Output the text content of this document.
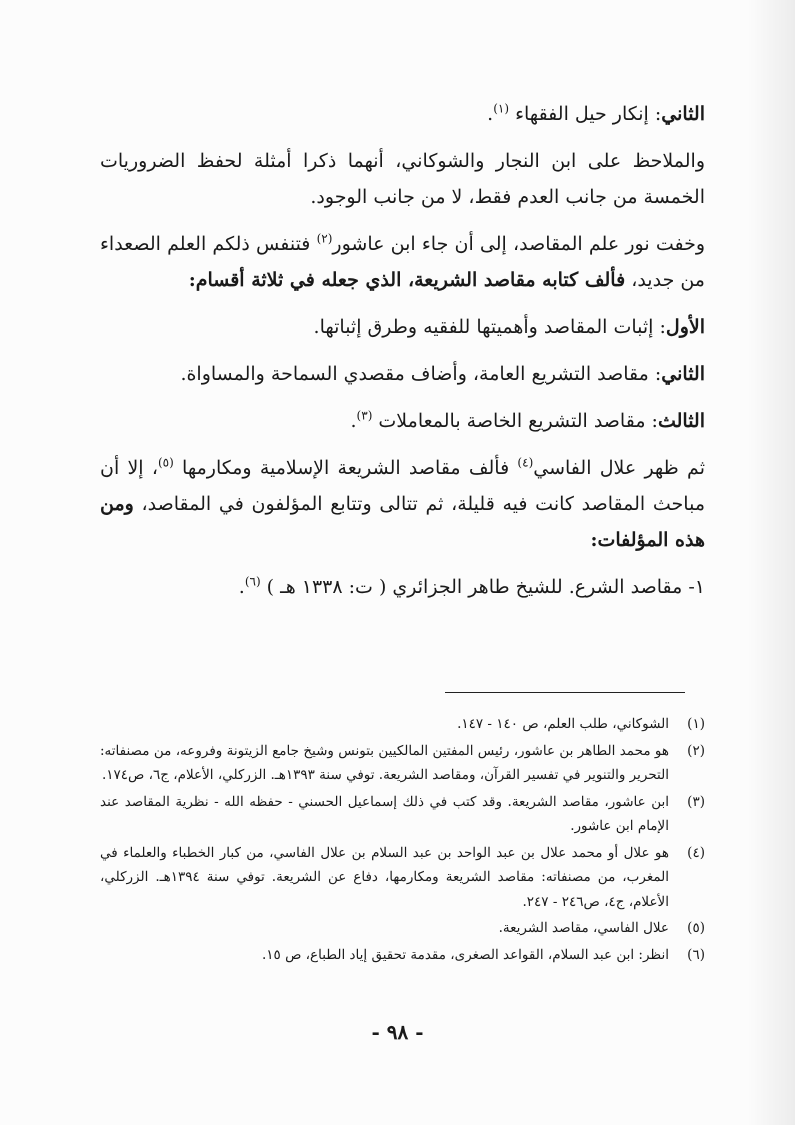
الثاني: إنكار حيل الفقهاء $^{(١)}$.

والملاحظ على ابن النجار والشوكاني، أنهما ذكرا أمثلة لحفظ الضروريات الخمسة من جانب العدم فقط، لا من جانب الوجود.

وخفت نور علم المقاصد، إلى أن جاء ابن عاشور$^{(٢)}$ فتنفس ذلكم العلم الصعداء من جديد، فألف كتابه مقاصد الشريعة، الذي جعله في ثلاثة أقسام:

الأول: إثبات المقاصد وأهميتها للفقيه وطرق إثباتها.

الثاني: مقاصد التشريع العامة، وأضاف مقصدي السماحة والمساواة.

الثالث: مقاصد التشريع الخاصة بالمعاملات $^{(٣)}$.

ثم ظهر علال الفاسي$^{(٤)}$ فألف مقاصد الشريعة الإسلامية ومكارمها $^{(٥)}$، إلا أن مباحث المقاصد كانت فيه قليلة، ثم تتالى وتتابع المؤلفون في المقاصد، ومن هذه المؤلفات:

١- مقاصد الشرع. للشيخ طاهر الجزائري ( ت: ١٣٣٨ هـ ) $^{(٦)}$.

(١)
الشوكاني، طلب العلم، ص ١٤٠ - ١٤٧.
(٢)
هو محمد الطاهر بن عاشور، رئيس المفتين المالكيين بتونس وشيخ جامع الزيتونة وفروعه، من مصنفاته: التحرير والتنوير في تفسير القرآن، ومقاصد الشريعة. توفي سنة ١٣٩٣هـ. الزركلي، الأعلام، ج٦، ص١٧٤.
(٣)
ابن عاشور، مقاصد الشريعة. وقد كتب في ذلك إسماعيل الحسني - حفظه الله - نظرية المقاصد عند الإمام ابن عاشور.
(٤)
هو علال أو محمد علال بن عبد الواحد بن عبد السلام بن علال الفاسي، من كبار الخطباء والعلماء في المغرب، من مصنفاته: مقاصد الشريعة ومكارمها، دفاع عن الشريعة. توفي سنة ١٣٩٤هـ. الزركلي، الأعلام، ج٤، ص٢٤٦ - ٢٤٧.
(٥)
علال الفاسي، مقاصد الشريعة.
(٦)
انظر: ابن عبد السلام، القواعد الصغرى، مقدمة تحقيق إياد الطباع، ص ١٥.
- ٩٨ -
